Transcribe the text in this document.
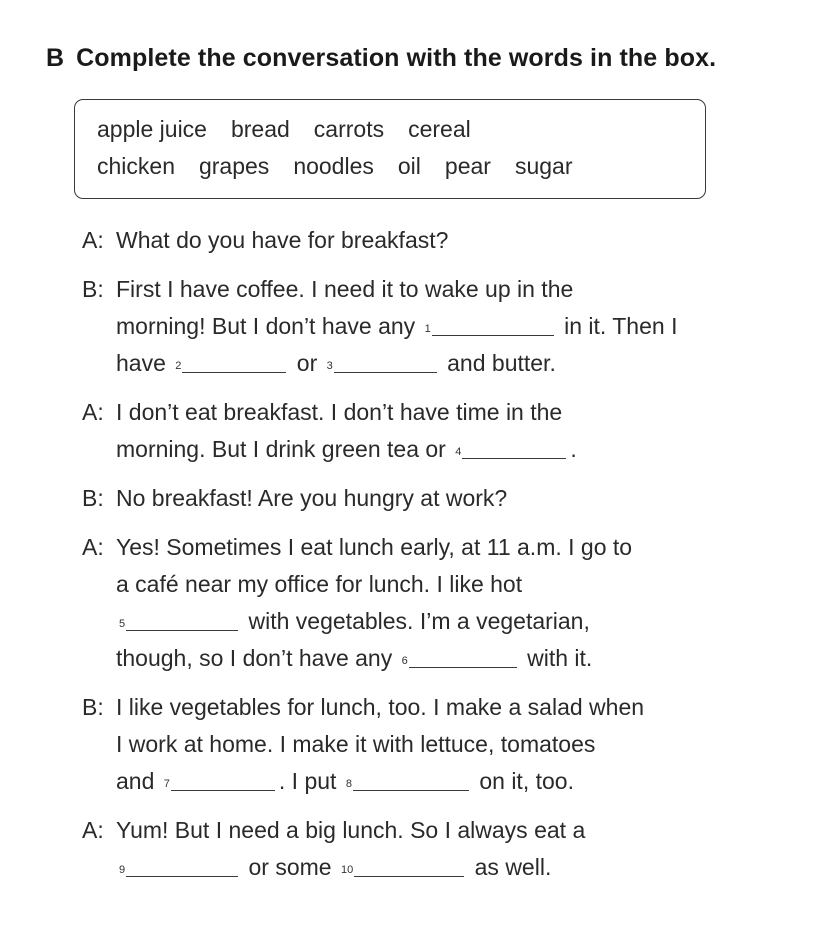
B Complete the conversation with the words in the box.
apple juice bread carrots cereal
chicken grapes noodles oil pear sugar
A: What do you have for breakfast?
B: First I have coffee. I need it to wake up in the
morning! But I don’t have any $^1$	in it. Then I
have $^2$	or $^3$	and butter.
A: I don’t eat breakfast. I don’t have time in the
morning. But I drink green tea or $^4$	.
B: No breakfast! Are you hungry at work?
A: Yes! Sometimes I eat lunch early, at 11 a.m. I go to
a café near my office for lunch. I like hot
$^5$	with vegetables. I’m a vegetarian,
though, so I don’t have any $^6$	with it.
B: I like vegetables for lunch, too. I make a salad when
I work at home. I make it with lettuce, tomatoes
and $^7$	. I put $^8$	on it, too.
A: Yum! But I need a big lunch. So I always eat a
$^9$	or some $^{10}$	as well.
